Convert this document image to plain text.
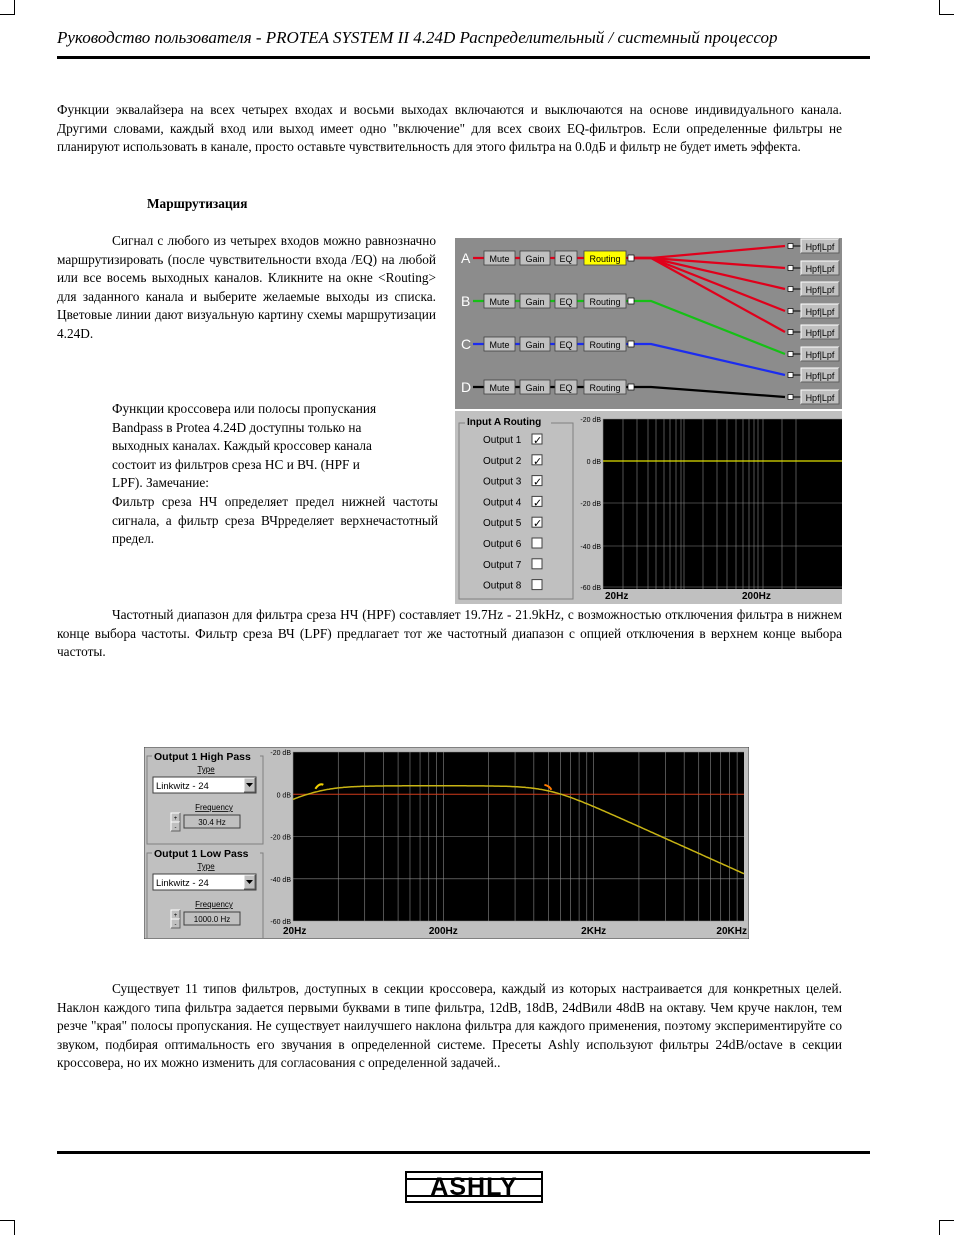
Руководство пользователя - PROTEA SYSTEM II 4.24D Распределительный / системный процессор

Функции эквалайзера на всех четырех входах и восьми выходах включаются и выключаются на основе индивидуального канала. Другими словами, каждый вход или выход имеет одно "включение" для всех своих EQ-фильтров. Если определенные фильтры не планируют использовать в канале, просто оставьте чувствительность для этого фильтра на 0.0дБ и фильтр не будет иметь эффекта.

Маршрутизация

Сигнал с любого из четырех входов можно равнозначно маршрутизировать (после чувствительности входа /EQ) на любой или все восемь выходных каналов. Кликните на окне <Routing> для заданного канала и выберите желаемые выходы из списка. Цветовые линии дают визуальную картину схемы маршрутизации 4.24D.

Функции кроссовера или полосы пропускания
Bandpass в Protea 4.24D доступны только на
выходных каналах. Каждый кроссовер канала
состоит из фильтров среза НС и ВЧ. (HPF и
LPF). Замечание:
Фильтр среза НЧ определяет предел нижней частоты сигнала, а фильтр среза ВЧpределяет верхнечастотный предел.
Hpf|Lpf
Hpf|Lpf
Hpf|Lpf
Hpf|Lpf
Hpf|Lpf
Hpf|Lpf
Hpf|Lpf
Hpf|Lpf
A Mute Gain EQ Routing
B Mute Gain EQ Routing
C Mute Gain EQ Routing
D Mute Gain EQ Routing
Input A Routing
Output 1 ✓
Output 2 ✓
Output 3 ✓
Output 4 ✓
Output 5 ✓
Output 6
Output 7
Output 8
-20 dB
0 dB
-20 dB
-40 dB
-60 dB
20Hz	200Hz

Частотный диапазон для фильтра среза НЧ (HPF) составляет 19.7Hz - 21.9kHz, с возможностью отключения фильтра в нижнем конце выбора частоты. Фильтр среза ВЧ (LPF) предлагает тот же частотный диапазон с опцией отключения в верхнем конце выбора частоты.

Output 1 High Pass
Type
Linkwitz - 24
Frequency
+
-
30.4 Hz
Output 1 Low Pass
Type
Linkwitz - 24
Frequency
+
-
1000.0 Hz
-20 dB
0 dB
-20 dB
-40 dB
-60 dB
20Hz	200Hz	2KHz	20KHz

Существует 11 типов фильтров, доступных в секции кроссовера, каждый из которых настраивается для конкретных целей. Наклон каждого типа фильтра задается первыми буквами в типе фильтра, 12dB, 18dB, 24dBили 48dB на октаву. Чем круче наклон, тем резче "края" полосы пропускания. Не существует наилучшего наклона фильтра для каждого применения, поэтому экспериментируйте со звуком, подбирая оптимальность его звучания в определенной системе. Пресеты Ashly используют фильтры 24dB/octave в секции кроссовера, но их можно изменить для согласования с определенной задачей..

ASHLY
